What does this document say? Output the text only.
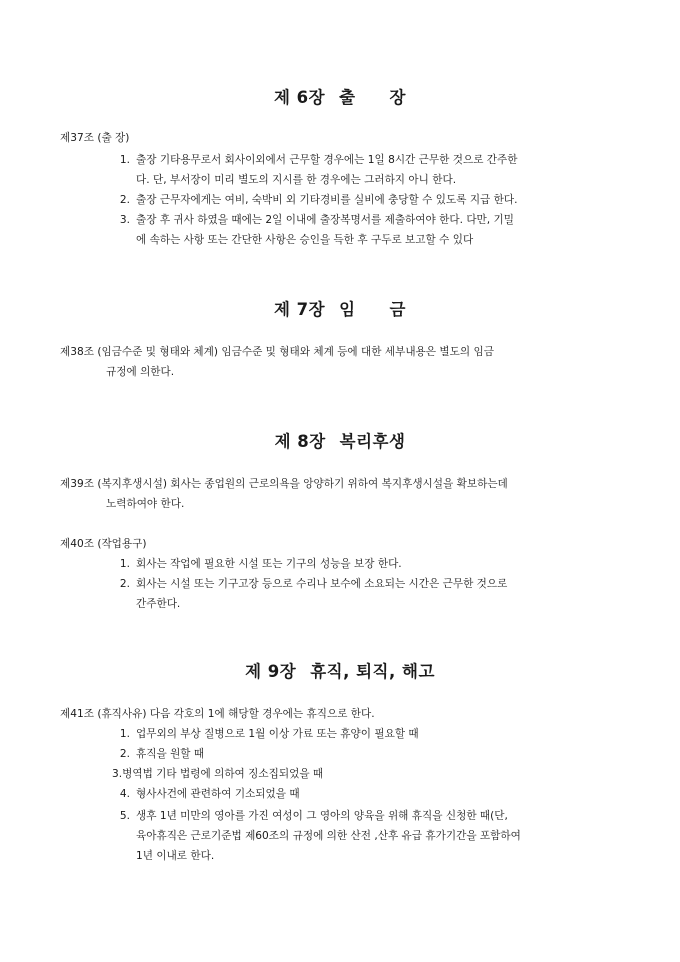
제 6장 출 장
제37조 (출 장)
1. 출장 기타용무로서 회사이외에서 근무할 경우에는 1일 8시간 근무한 것으로 간주한
다. 단, 부서장이 미리 별도의 지시를 한 경우에는 그러하지 아니 한다.
2. 출장 근무자에게는 여비, 숙박비 외 기타경비를 실비에 충당할 수 있도록 지급 한다.
3. 출장 후 귀사 하였을 때에는 2일 이내에 출장복명서를 제출하여야 한다. 다만, 기밀
에 속하는 사항 또는 간단한 사항은 승인을 득한 후 구두로 보고할 수 있다
제 7장 임 금
제38조 (임금수준 및 형태와 체계) 임금수준 및 형태와 체계 등에 대한 세부내용은 별도의 임금
규정에 의한다.
제 8장 복리후생
제39조 (복지후생시설) 회사는 종업원의 근로의욕을 앙양하기 위하여 복지후생시설을 확보하는데
노력하여야 한다.
제40조 (작업용구)
1. 회사는 작업에 필요한 시설 또는 기구의 성능을 보장 한다.
2. 회사는 시설 또는 기구고장 등으로 수리나 보수에 소요되는 시간은 근무한 것으로
간주한다.
제 9장 휴직, 퇴직, 해고
제41조 (휴직사유) 다음 각호의 1에 해당할 경우에는 휴직으로 한다.
1. 업무외의 부상 질병으로 1월 이상 가료 또는 휴양이 필요할 때
2. 휴직을 원할 때
3.병역법 기타 법령에 의하여 징소집되었을 때
4. 형사사건에 관련하여 기소되었을 때
5. 생후 1년 미만의 영아를 가진 여성이 그 영아의 양육을 위해 휴직을 신청한 때(단,
육아휴직은 근로기준법 제60조의 규정에 의한 산전 ,산후 유급 휴가기간을 포함하여
1년 이내로 한다.
